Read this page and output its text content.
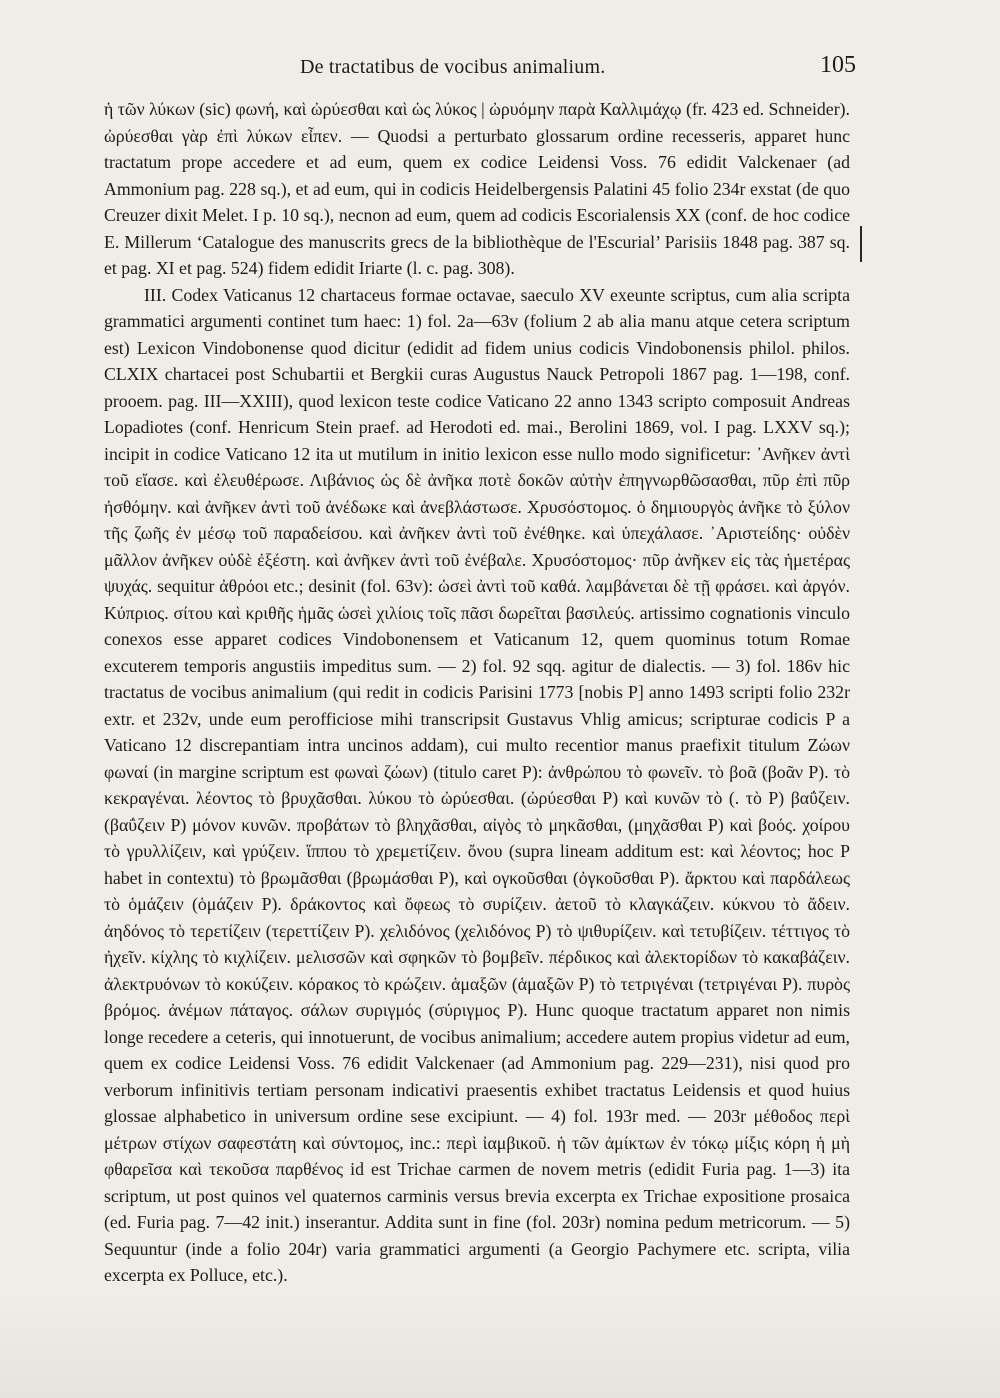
De tractatibus de vocibus animalium.	105

ἡ τῶν λύκων (sic) φωνή, καὶ ὠρύεσθαι καὶ ὡς λύκος | ὠρυόμην παρὰ Καλλιμάχῳ (fr. 423 ed. Schneider). ὠρύεσθαι γὰρ ἐπὶ λύκων εἶπεν. — Quodsi a perturbato glossarum ordine recesseris, apparet hunc tractatum prope accedere et ad eum, quem ex codice Leidensi Voss. 76 edidit Valckenaer (ad Ammonium pag. 228 sq.), et ad eum, qui in codicis Heidelbergensis Palatini 45 folio 234r exstat (de quo Creuzer dixit Melet. I p. 10 sq.), necnon ad eum, quem ad codicis Escorialensis XX (conf. de hoc codice E. Millerum ‘Catalogue des manuscrits grecs de la bibliothèque de l'Escurial’ Parisiis 1848 pag. 387 sq. et pag. XI et pag. 524) fidem edidit Iriarte (l. c. pag. 308).

III. Codex Vaticanus 12 chartaceus formae octavae, saeculo XV exeunte scriptus, cum alia scripta grammatici argumenti continet tum haec: 1) fol. 2a—63v (folium 2 ab alia manu atque cetera scriptum est) Lexicon Vindobonense quod dicitur (edidit ad fidem unius codicis Vindobonensis philol. philos. CLXIX chartacei post Schubartii et Bergkii curas Augustus Nauck Petropoli 1867 pag. 1—198, conf. prooem. pag. III—XXIII), quod lexicon teste codice Vaticano 22 anno 1343 scripto composuit Andreas Lopadiotes (conf. Henricum Stein praef. ad Herodoti ed. mai., Berolini 1869, vol. I pag. LXXV sq.); incipit in codice Vaticano 12 ita ut mutilum in initio lexicon esse nullo modo significetur: ᾿Ανῆκεν ἀντὶ τοῦ εἴασε. καὶ ἐλευθέρωσε. Λιβάνιος ὡς δὲ ἀνῆκα ποτὲ δοκῶν αὐτὴν ἐπηγνωρθῶσασθαι, πῦρ ἐπὶ πῦρ ἠσθόμην. καὶ ἀνῆκεν ἀντὶ τοῦ ἀνέδωκε καὶ ἀνεβλάστωσε. Χρυσόστομος. ὁ δημιουργὸς ἀνῆκε τὸ ξύλον τῆς ζωῆς ἐν μέσῳ τοῦ παραδείσου. καὶ ἀνῆκεν ἀντὶ τοῦ ἐνέθηκε. καὶ ὑπεχάλασε. ᾿Αριστείδης· οὐδὲν μᾶλλον ἀνῆκεν οὐδὲ ἐξέστη. καὶ ἀνῆκεν ἀντὶ τοῦ ἐνέβαλε. Χρυσόστομος· πῦρ ἀνῆκεν εἰς τὰς ἡμετέρας ψυχάς. sequitur ἀθρόοι etc.; desinit (fol. 63v): ὡσεὶ ἀντὶ τοῦ καθά. λαμβάνεται δὲ τῇ φράσει. καὶ ἀργόν. Κύπριος. σίτου καὶ κριθῆς ἡμᾶς ὡσεὶ χιλίοις τοῖς πᾶσι δωρεῖται βασιλεύς. artissimo cognationis vinculo conexos esse apparet codices Vindobonensem et Vaticanum 12, quem quominus totum Romae excuterem temporis angustiis impeditus sum. — 2) fol. 92 sqq. agitur de dialectis. — 3) fol. 186v hic tractatus de vocibus animalium (qui redit in codicis Parisini 1773 [nobis P] anno 1493 scripti folio 232r extr. et 232v, unde eum perofficiose mihi transcripsit Gustavus Vhlig amicus; scripturae codicis P a Vaticano 12 discrepantiam intra uncinos addam), cui multo recentior manus praefixit titulum Ζώων φωναί (in margine scriptum est φωναὶ ζώων) (titulo caret P): ἀνθρώπου τὸ φωνεῖν. τὸ βοᾶ (βοᾶν P). τὸ κεκραγέναι. λέοντος τὸ βρυχᾶσθαι. λύκου τὸ ὠρύεσθαι. (ὠρύεσθαι P) καὶ κυνῶν τὸ (. τὸ P) βαΰζειν. (βαΰζειν P) μόνον κυνῶν. προβάτων τὸ βληχᾶσθαι, αἰγὸς τὸ μηκᾶσθαι, (μηχᾶσθαι P) καὶ βοός. χοίρου τὸ γρυλλίζειν, καὶ γρύζειν. ἵππου τὸ χρεμετίζειν. ὄνου (supra lineam additum est: καὶ λέοντος; hoc P habet in contextu) τὸ βρωμᾶσθαι (βρωμάσθαι P), καὶ ογκοῦσθαι (ὀγκοῦσθαι P). ἄρκτου καὶ παρδάλεως τὸ ὁμάζειν (ὁμάζειν P). δράκοντος καὶ ὄφεως τὸ συρίζειν. ἀετοῦ τὸ κλαγκάζειν. κύκνου τὸ ἄδειν. ἀηδόνος τὸ τερετίζειν (τερεττίζειν P). χελιδόνος (χελιδόνος P) τὸ ψιθυρίζειν. καὶ τετυβίζειν. τέττιγος τὸ ἠχεῖν. κίχλης τὸ κιχλίζειν. μελισσῶν καὶ σφηκῶν τὸ βομβεῖν. πέρδικος καὶ ἀλεκτορίδων τὸ κακαβάζειν. ἀλεκτρυόνων τὸ κοκύζειν. κόρακος τὸ κρώζειν. ἁμαξῶν (ἁμαξῶν P) τὸ τετριγέναι (τετριγέναι P). πυρὸς βρόμος. ἀνέμων πάταγος. σάλων συριγμός (σύριγμος P). Hunc quoque tractatum apparet non nimis longe recedere a ceteris, qui innotuerunt, de vocibus animalium; accedere autem propius videtur ad eum, quem ex codice Leidensi Voss. 76 edidit Valckenaer (ad Ammonium pag. 229—231), nisi quod pro verborum infinitivis tertiam personam indicativi praesentis exhibet tractatus Leidensis et quod huius glossae alphabetico in universum ordine sese excipiunt. — 4) fol. 193r med. — 203r μέθοδος περὶ μέτρων στίχων σαφεστάτη καὶ σύντομος, inc.: περὶ ἰαμβικοῦ. ἡ τῶν ἀμίκτων ἐν τόκῳ μίξις κόρη ἡ μὴ φθαρεῖσα καὶ τεκοῦσα παρθένος id est Trichae carmen de novem metris (edidit Furia pag. 1—3) ita scriptum, ut post quinos vel quaternos carminis versus brevia excerpta ex Trichae expositione prosaica (ed. Furia pag. 7—42 init.) inserantur. Addita sunt in fine (fol. 203r) nomina pedum metricorum. — 5) Sequuntur (inde a folio 204r) varia grammatici argumenti (a Georgio Pachymere etc. scripta, vilia excerpta ex Polluce, etc.).
